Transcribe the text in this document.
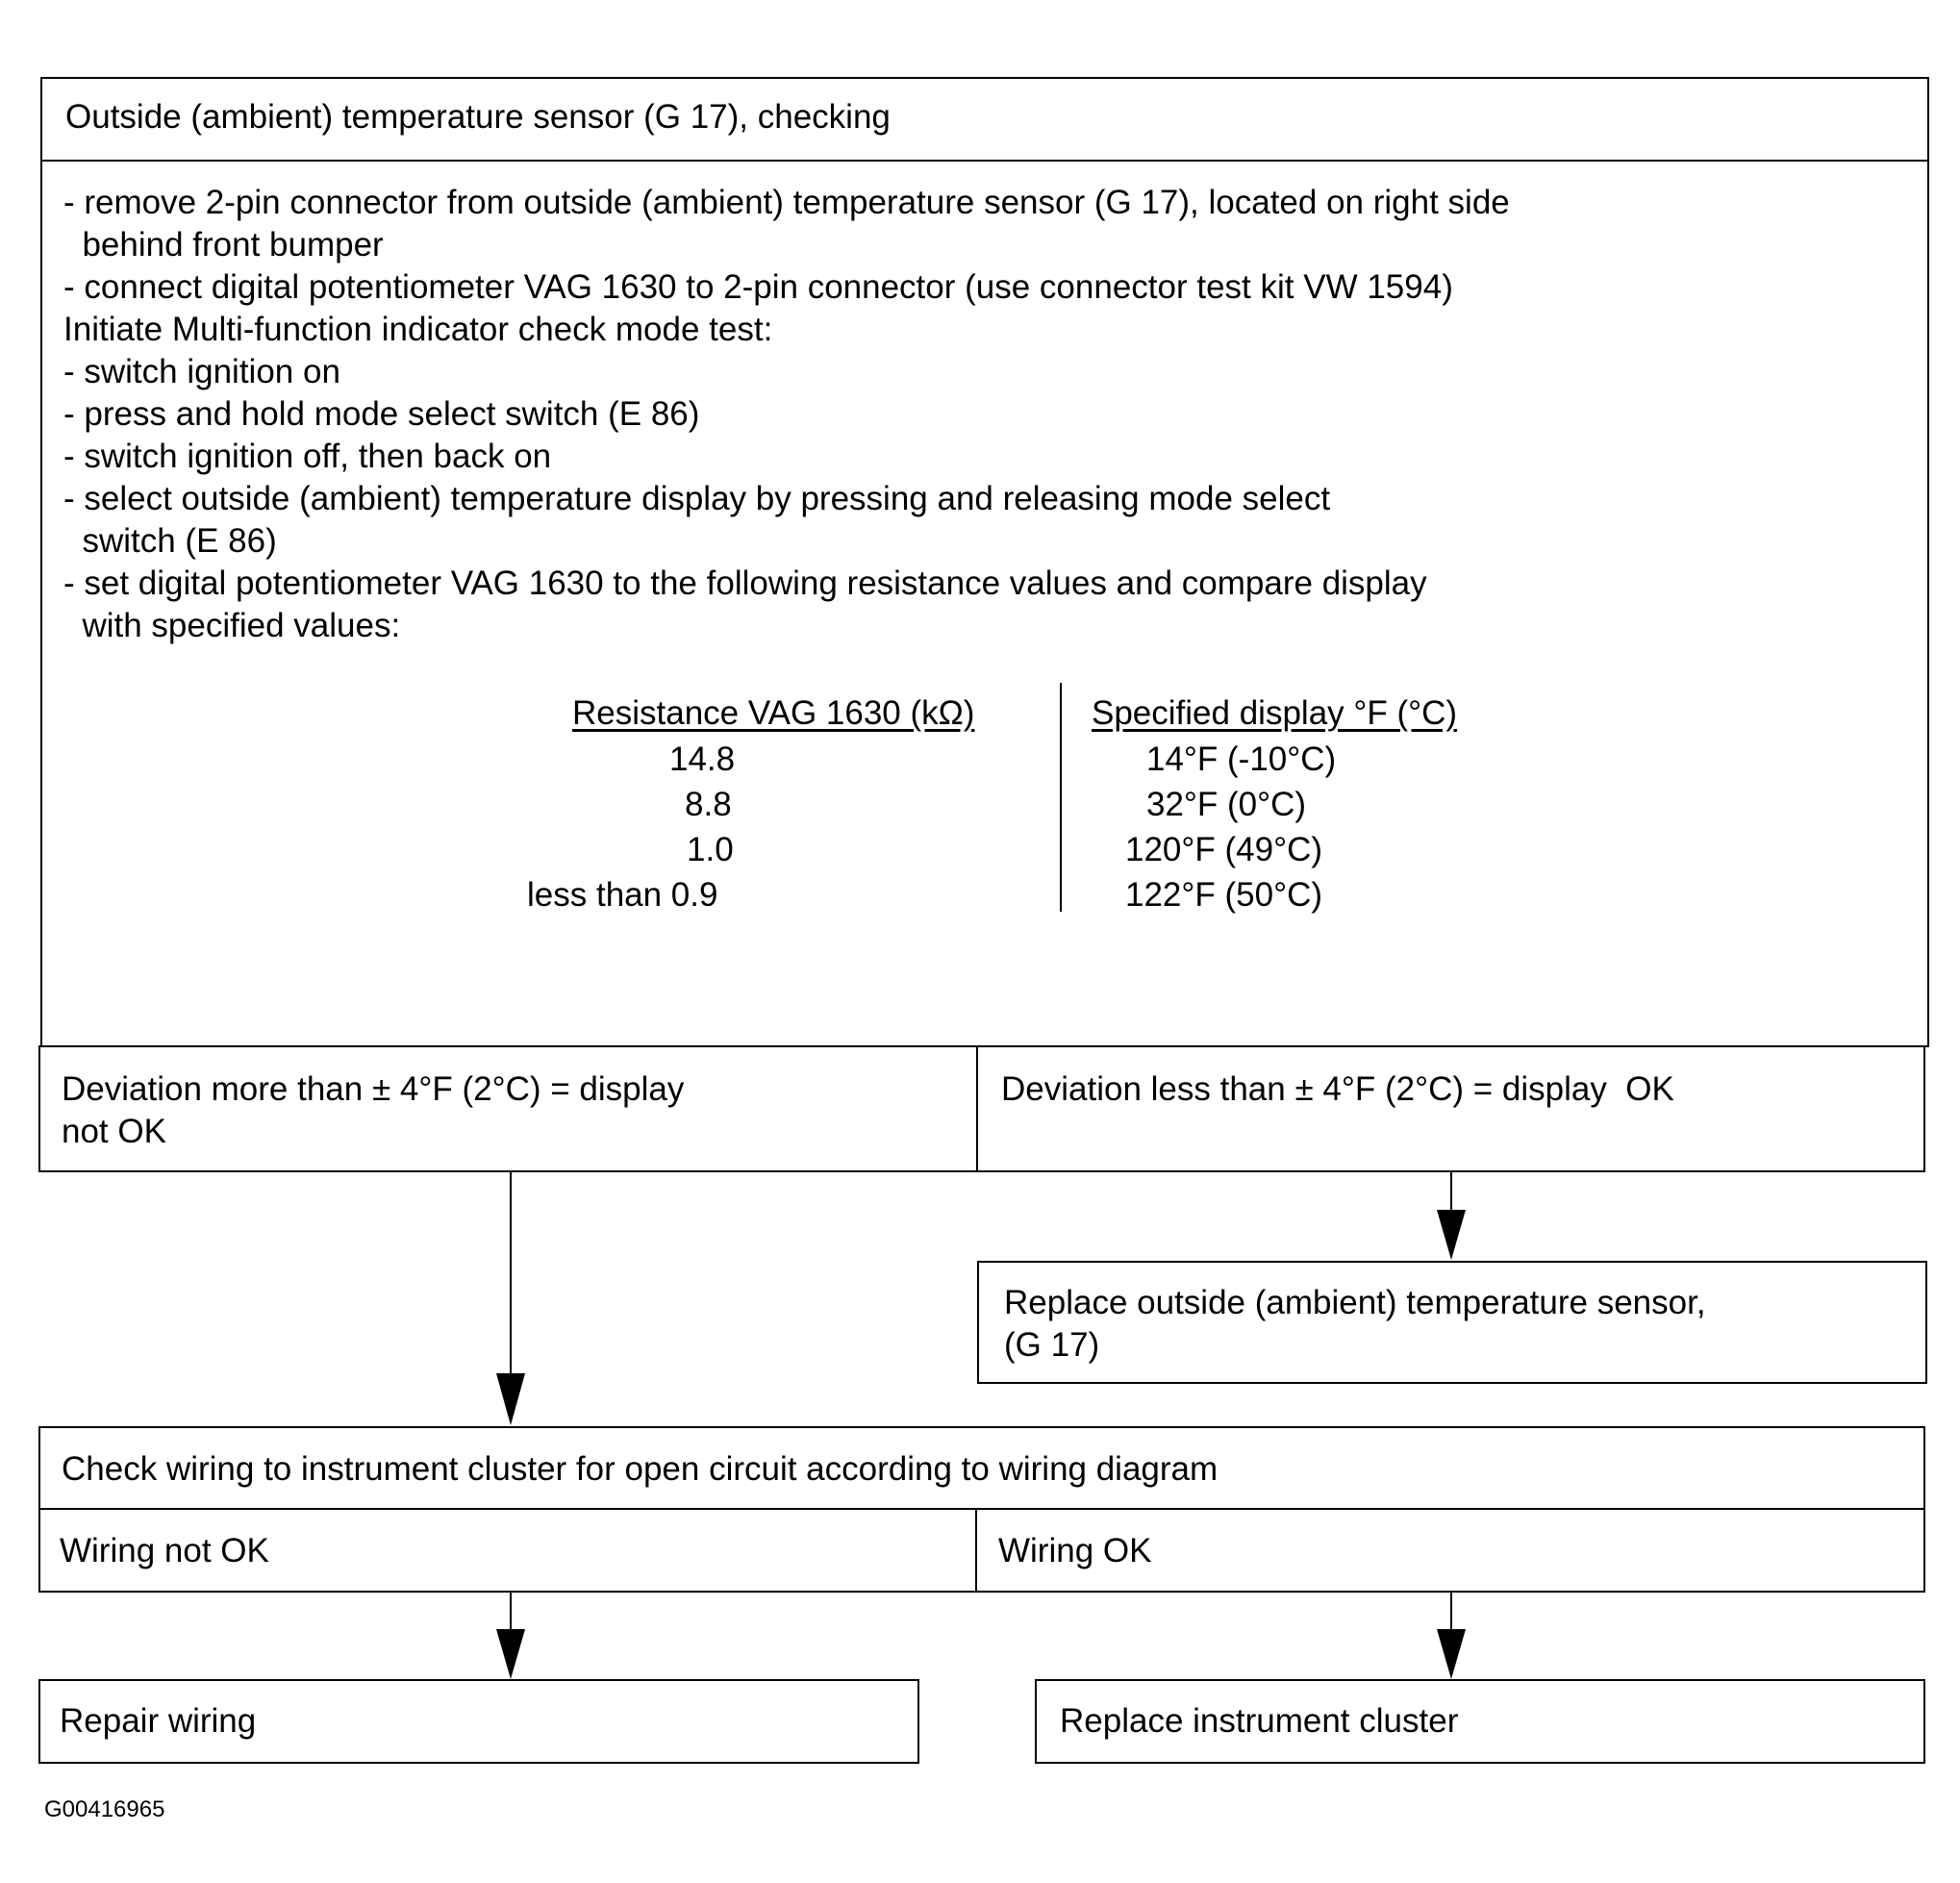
Outside (ambient) temperature sensor (G 17), checking
- remove 2-pin connector from outside (ambient) temperature sensor (G 17), located on right side
behind front bumper
- connect digital potentiometer VAG 1630 to 2-pin connector (use connector test kit VW 1594)
Initiate Multi-function indicator check mode test:
- switch ignition on
- press and hold mode select switch (E 86)
- switch ignition off, then back on
- select outside (ambient) temperature display by pressing and releasing mode select
switch (E 86)
- set digital potentiometer VAG 1630 to the following resistance values and compare display
with specified values:
Resistance VAG 1630 (kΩ)	Specified display °F (°C)
14.8	14°F (-10°C)
8.8	32°F (0°C)
1.0	120°F (49°C)
less than 0.9	122°F (50°C)
Deviation more than ± 4°F (2°C) = display
not OK
Deviation less than ± 4°F (2°C) = display  OK
Replace outside (ambient) temperature sensor,
(G 17)
Check wiring to instrument cluster for open circuit according to wiring diagram
Wiring not OK	Wiring OK
Repair wiring	Replace instrument cluster
G00416965
